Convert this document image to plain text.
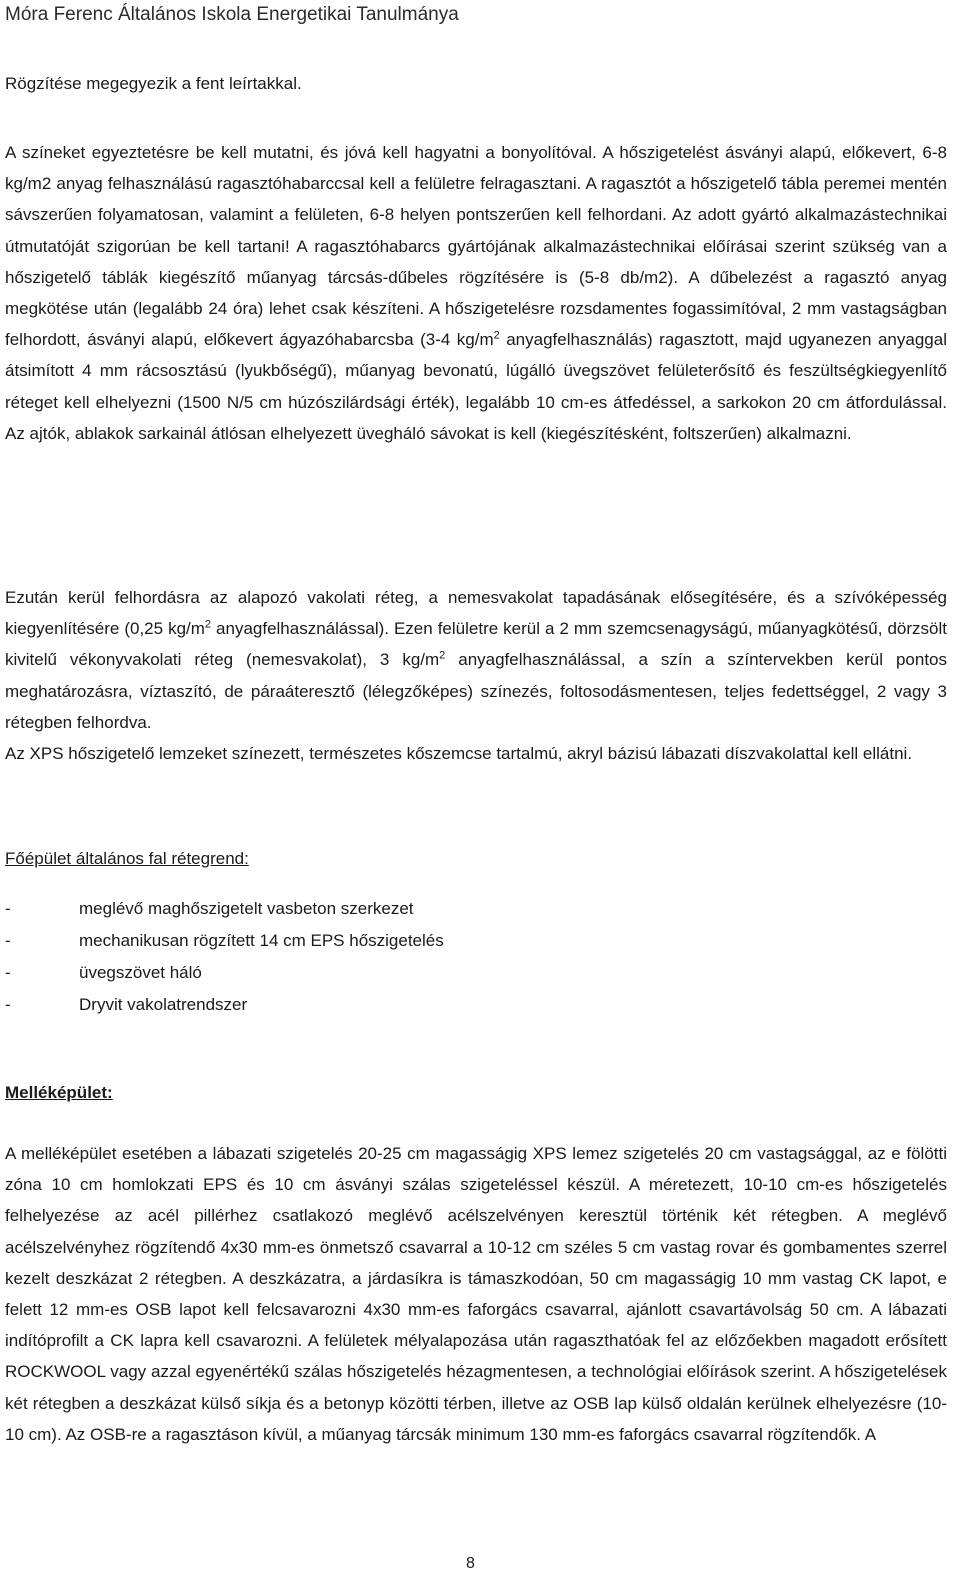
Móra Ferenc Általános Iskola Energetikai Tanulmánya

Rögzítése megegyezik a fent leírtakkal.

A színeket egyeztetésre be kell mutatni, és jóvá kell hagyatni a bonyolítóval. A hőszigetelést ásványi alapú, előkevert, 6-8 kg/m2 anyag felhasználású ragasztóhabarccsal kell a felületre felragasztani. A ragasztót a hőszigetelő tábla peremei mentén sávszerűen folyamatosan, valamint a felületen, 6-8 helyen pontszerűen kell felhordani. Az adott gyártó alkalmazástechnikai útmutatóját szigorúan be kell tartani! A ragasztóhabarcs gyártójának alkalmazástechnikai előírásai szerint szükség van a hőszigetelő táblák kiegészítő műanyag tárcsás-dűbeles rögzítésére is (5-8 db/m2). A dűbelezést a ragasztó anyag megkötése után (legalább 24 óra) lehet csak készíteni. A hőszigetelésre rozsdamentes fogassimítóval, 2 mm vastagságban felhordott, ásványi alapú, előkevert ágyazóhabarcsba (3-4 $kg/m^2$ anyagfelhasználás) ragasztott, majd ugyanezen anyaggal átsimított 4 mm rácsosztású (lyukbőségű), műanyag bevonatú, lúgálló üvegszövet felületerősítő és feszültségkiegyenlítő réteget kell elhelyezni (1500 N/5 cm húzószilárdsági érték), legalább 10 cm-es átfedéssel, a sarkokon 20 cm átfordulással. Az ajtók, ablakok sarkainál átlósan elhelyezett üvegháló sávokat is kell (kiegészítésként, foltszerűen) alkalmazni.

Ezután kerül felhordásra az alapozó vakolati réteg, a nemesvakolat tapadásának elősegítésére, és a szívóképesség kiegyenlítésére (0,25 $kg/m^2$ anyagfelhasználással). Ezen felületre kerül a 2 mm szemcsenagyságú, műanyagkötésű, dörzsölt kivitelű vékonyvakolati réteg (nemesvakolat), 3 $kg/m^2$ anyagfelhasználással, a szín a színtervekben kerül pontos meghatározásra, víztaszító, de páraáteresztő (lélegzőképes) színezés, foltosodásmentesen, teljes fedettséggel, 2 vagy 3 rétegben felhordva.

Az XPS hőszigetelő lemzeket színezett, természetes kőszemcse tartalmú, akryl bázisú lábazati díszvakolattal kell ellátni.

Főépület általános fal rétegrend:
-	meglévő maghőszigetelt vasbeton szerkezet
-	mechanikusan rögzített 14 cm EPS hőszigetelés
-	üvegszövet háló
-	Dryvit vakolatrendszer
Melléképület:

A melléképület esetében a lábazati szigetelés 20-25 cm magasságig XPS lemez szigetelés 20 cm vastagsággal, az e fölötti zóna 10 cm homlokzati EPS és 10 cm ásványi szálas szigeteléssel készül. A méretezett, 10-10 cm-es hőszigetelés felhelyezése az acél pillérhez csatlakozó meglévő acélszelvényen keresztül történik két rétegben. A meglévő acélszelvényhez rögzítendő 4x30 mm-es önmetsző csavarral a 10-12 cm széles 5 cm vastag rovar és gombamentes szerrel kezelt deszkázat 2 rétegben. A deszkázatra, a járdasíkra is támaszkodóan, 50 cm magasságig 10 mm vastag CK lapot, e felett 12 mm-es OSB lapot kell felcsavarozni 4x30 mm-es faforgács csavarral, ajánlott csavartávolság 50 cm. A lábazati indítóprofilt a CK lapra kell csavarozni. A felületek mélyalapozása után ragaszthatóak fel az előzőekben magadott erősített ROCKWOOL vagy azzal egyenértékű szálas hőszigetelés hézagmentesen, a technológiai előírások szerint. A hőszigetelések két rétegben a deszkázat külső síkja és a betonyp közötti térben, illetve az OSB lap külső oldalán kerülnek elhelyezésre (10-10 cm). Az OSB-re a ragasztáson kívül, a műanyag tárcsák minimum 130 mm-es faforgács csavarral rögzítendők. A

8
